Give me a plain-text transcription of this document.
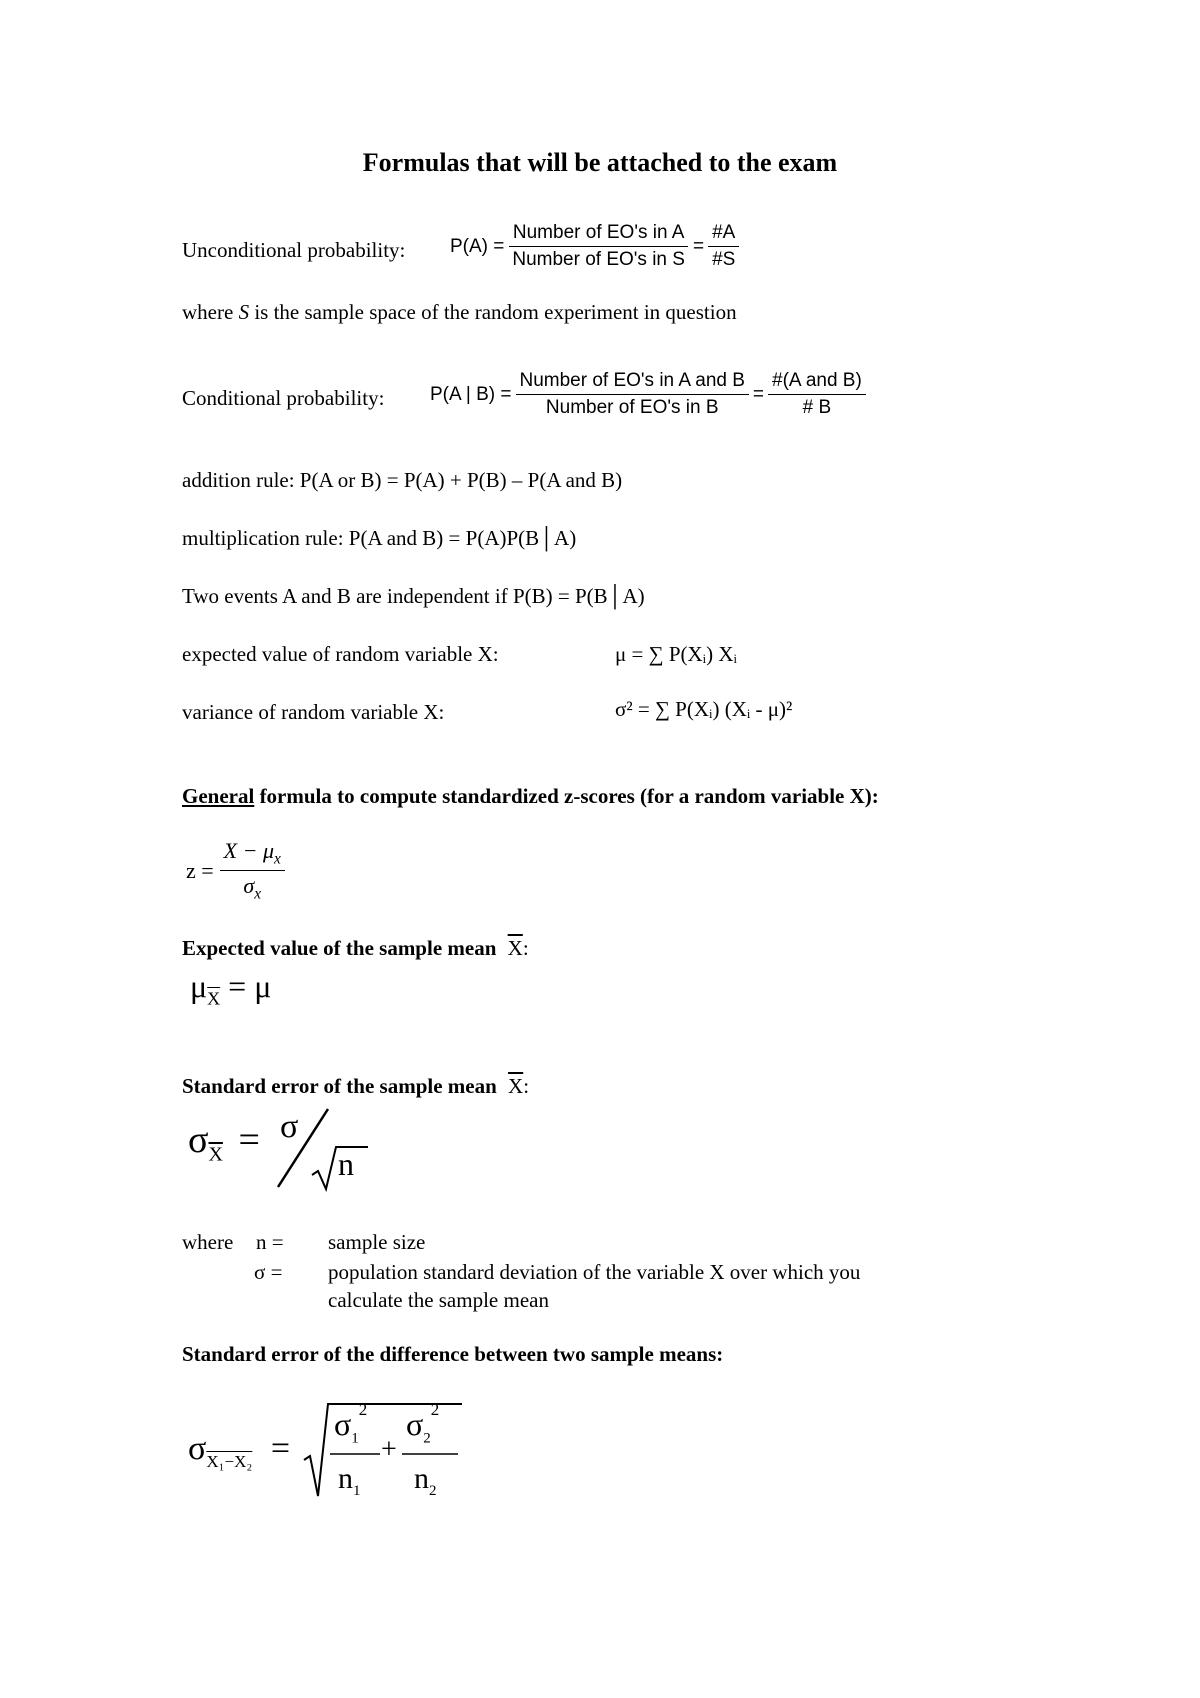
Formulas that will be attached to the exam
Unconditional probability: $P(A) = \frac{\text{Number of EO's in A}}{\text{Number of EO's in S}} = \frac{\#A}{\#S}$
where S is the sample space of the random experiment in question
Conditional probability: P(A | $B) = \frac{\text{Number of EO's in A and B}}{\text{Number of EO's in B}} = \frac{\text{\#(A and B)}}{\# B}$
addition rule: P(A or B) = P(A) + P(B) – P(A and B)
multiplication rule: P(A and B) = P(A)P(B│A)
Two events A and B are independent if P(B) = P(B│A)
expected value of random variable X:	μ = ∑ P(Xᵢ) Xᵢ
variance of random variable X:	σ² = ∑ P(Xᵢ) (Xᵢ - μ)²
General formula to compute standardized z-scores (for a random variable X):
$z = \frac{X - \mu_x}{\sigma_x}$
Expected value of the sample mean $\overline{X}$:
$\mu_{\overline{X}} = \mu$
Standard error of the sample mean $\overline{X}$:
$\sigma_{\overline{X}} = \sigma$
n
where n = sample size
σ = population standard deviation of the variable X over which you
calculate the sample mean
Standard error of the difference between two sample means:
$\sigma_{X_1-X_2}$ =
$\sigma_1^2$
$n_1$
+
$\sigma_2^2$
$n_2$
